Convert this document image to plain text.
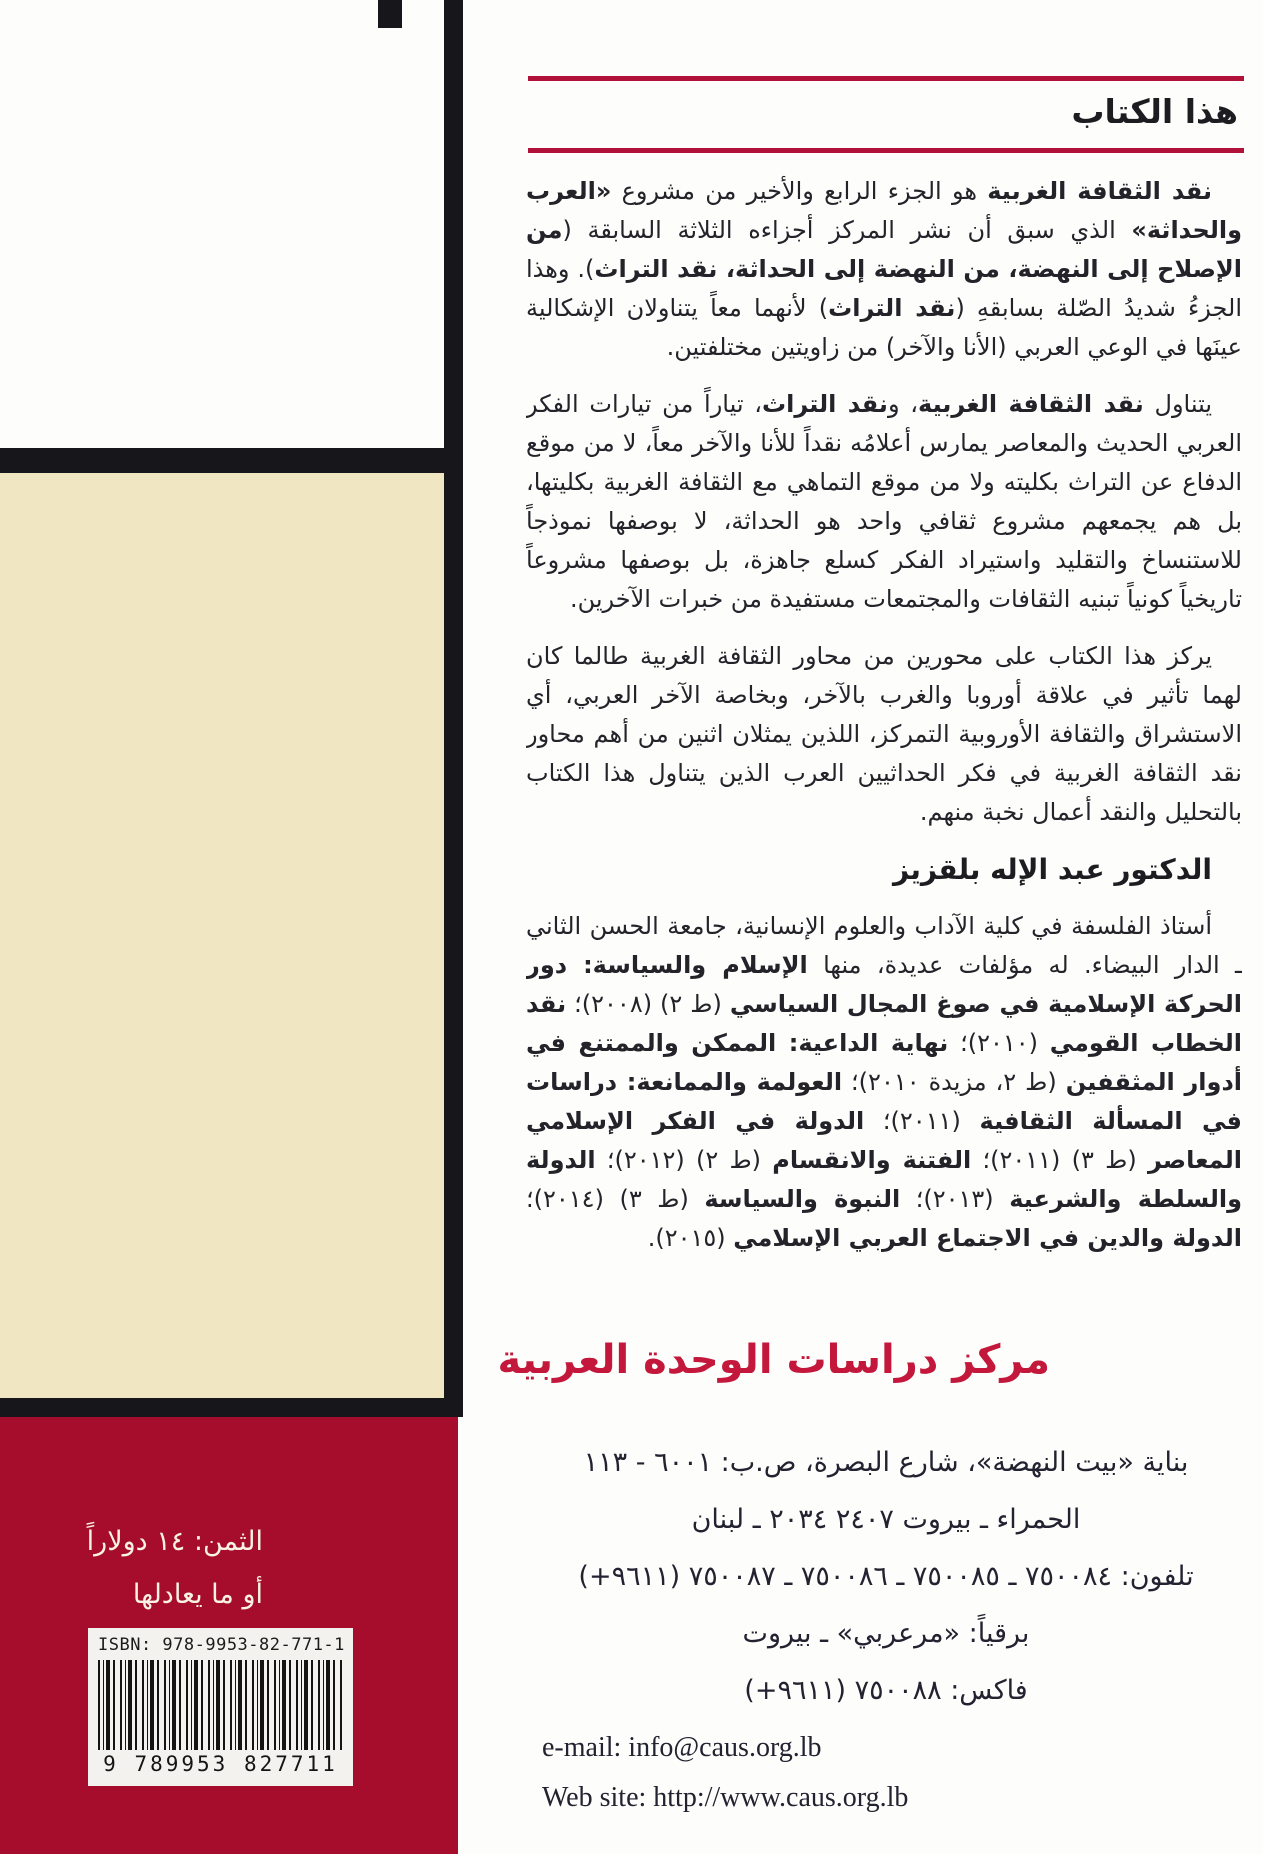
الثمن: ١٤ دولاراً
أو ما يعادلها
ISBN: 978-9953-82-771-1
9 789953 827711
هذا الكتاب

نقد الثقافة الغربية هو الجزء الرابع والأخير من مشروع «العرب والحداثة» الذي سبق أن نشر المركز أجزاءه الثلاثة السابقة (من الإصلاح إلى النهضة، من النهضة إلى الحداثة، نقد التراث). وهذا الجزءُ شديدُ الصّلة بسابقهِ (نقد التراث) لأنهما معاً يتناولان الإشكالية عينَها في الوعي العربي (الأنا والآخر) من زاويتين مختلفتين.

يتناول نقد الثقافة الغربية، ونقد التراث، تياراً من تيارات الفكر العربي الحديث والمعاصر يمارس أعلامُه نقداً للأنا والآخر معاً، لا من موقع الدفاع عن التراث بكليته ولا من موقع التماهي مع الثقافة الغربية بكليتها، بل هم يجمعهم مشروع ثقافي واحد هو الحداثة، لا بوصفها نموذجاً للاستنساخ والتقليد واستيراد الفكر كسلع جاهزة، بل بوصفها مشروعاً تاريخياً كونياً تبنيه الثقافات والمجتمعات مستفيدة من خبرات الآخرين.

يركز هذا الكتاب على محورين من محاور الثقافة الغربية طالما كان لهما تأثير في علاقة أوروبا والغرب بالآخر، وبخاصة الآخر العربي، أي الاستشراق والثقافة الأوروبية التمركز، اللذين يمثلان اثنين من أهم محاور نقد الثقافة الغربية في فكر الحداثيين العرب الذين يتناول هذا الكتاب بالتحليل والنقد أعمال نخبة منهم.

الدكتور عبد الإله بلقزيز

أستاذ الفلسفة في كلية الآداب والعلوم الإنسانية، جامعة الحسن الثاني ـ الدار البيضاء. له مؤلفات عديدة، منها الإسلام والسياسة: دور الحركة الإسلامية في صوغ المجال السياسي (ط ٢) (٢٠٠٨)؛ نقد الخطاب القومي (٢٠١٠)؛ نهاية الداعية: الممكن والممتنع في أدوار المثقفين (ط ٢، مزيدة ٢٠١٠)؛ العولمة والممانعة: دراسات في المسألة الثقافية (٢٠١١)؛ الدولة في الفكر الإسلامي المعاصر (ط ٣) (٢٠١١)؛ الفتنة والانقسام (ط ٢) (٢٠١٢)؛ الدولة والسلطة والشرعية (٢٠١٣)؛ النبوة والسياسة (ط ٣) (٢٠١٤)؛ الدولة والدين في الاجتماع العربي الإسلامي (٢٠١٥).

مركز دراسات الوحدة العربية

بناية «بيت النهضة»، شارع البصرة، ص.ب: ٦٠٠١ - ١١٣

الحمراء ـ بيروت ٢٤٠٧ ٢٠٣٤ ـ لبنان

تلفون: ٧٥٠٠٨٤ ـ ٧٥٠٠٨٥ ـ ٧٥٠٠٨٦ ـ ٧٥٠٠٨٧ (٩٦١١+)

برقياً: «مرعربي» ـ بيروت

فاكس: ٧٥٠٠٨٨ (٩٦١١+)

e-mail: info@caus.org.lb

Web site: http://www.caus.org.lb
